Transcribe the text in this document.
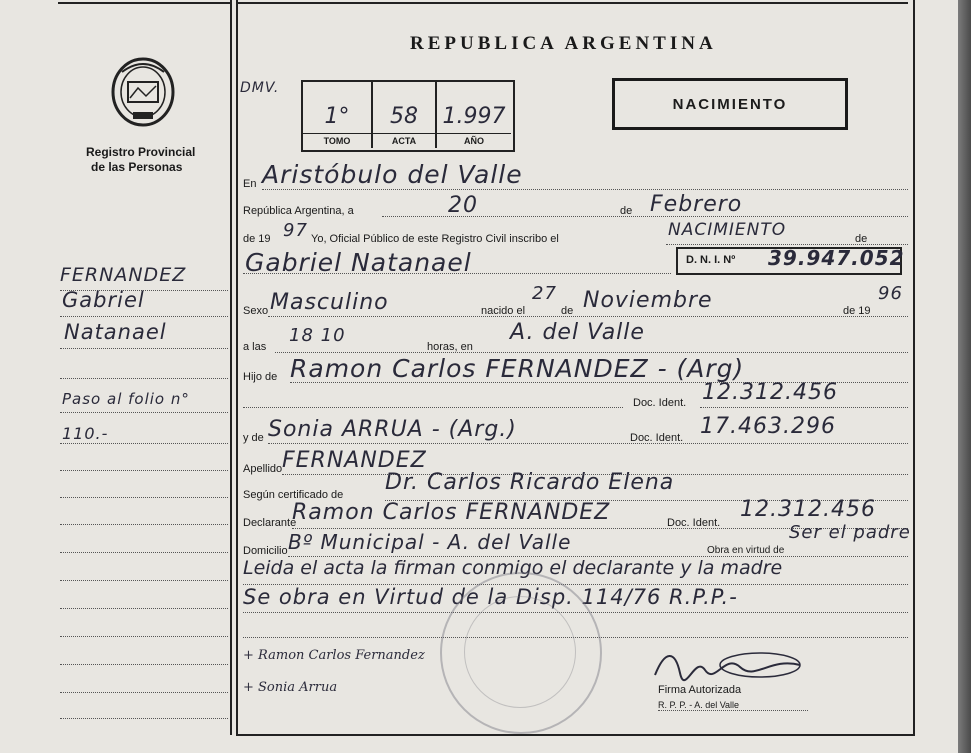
Registro Provincial
de las Personas
FERNANDEZ
Gabriel
Natanael
Paso al folio n°
110.-
REPUBLICA ARGENTINA
NACIMIENTO
DMV.
1°
TOMO
58
ACTA
1.997
AÑO
En Aristóbulo del Valle
República Argentina, a	20	de Febrero
de 19 97 Yo, Oficial Público de este Registro Civil inscribo el	NACIMIENTO	de
Gabriel Natanael	D. N. I. Nº 39.947.052
Sexo Masculino	nacido el
27
de Noviembre	de 19
96
a las
18 10
horas, en
A. del Valle
Hijo de Ramon Carlos FERNANDEZ - (Arg)
Doc. Ident. 12.312.456
y de Sonia ARRUA - (Arg.)	Doc. Ident. 17.463.296
Apellido FERNANDEZ
Según certificado de Dr. Carlos Ricardo Elena
Declarante
Ramon Carlos FERNANDEZ	Doc. Ident.
12.312.456
Domicilio Bº Municipal - A. del Valle	Obra en virtud de
Ser el padre
Leida el acta la firman conmigo el declarante y la madre
Se obra en Virtud de la Disp. 114/76 R.P.P.-
+ Ramon Carlos Fernandez
+ Sonia Arrua	Firma Autorizada
R. P. P. - A. del Valle
